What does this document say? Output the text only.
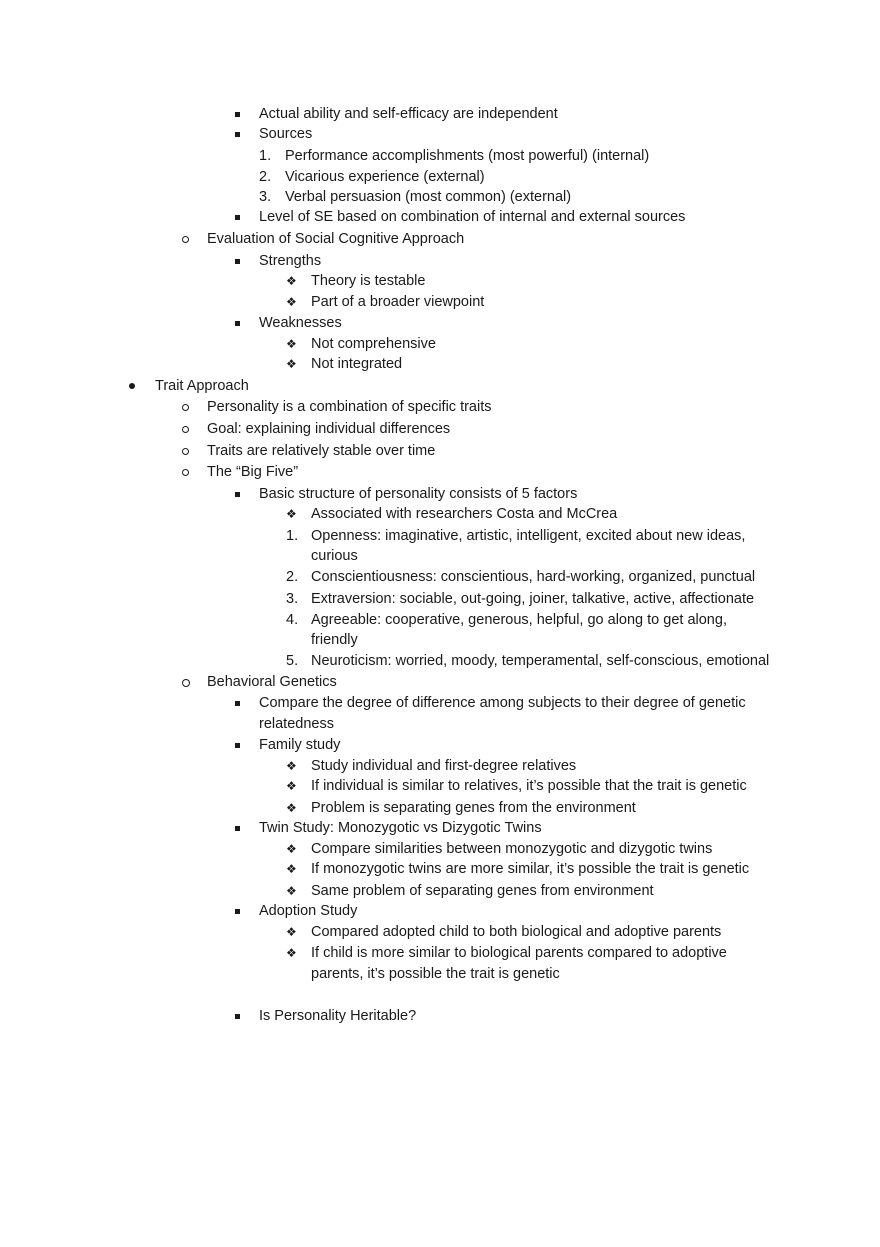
Actual ability and self-efficacy are independent
Sources
1. Performance accomplishments (most powerful) (internal)
2. Vicarious experience (external)
3. Verbal persuasion (most common) (external)
Level of SE based on combination of internal and external sources
Evaluation of Social Cognitive Approach
Strengths
❖ Theory is testable
❖ Part of a broader viewpoint
Weaknesses
❖ Not comprehensive
❖ Not integrated
Trait Approach
Personality is a combination of specific traits
Goal: explaining individual differences
Traits are relatively stable over time
The “Big Five”
Basic structure of personality consists of 5 factors
❖ Associated with researchers Costa and McCrea
1. Openness: imaginative, artistic, intelligent, excited about new ideas,
curious
2. Conscientiousness: conscientious, hard-working, organized, punctual
3. Extraversion: sociable, out-going, joiner, talkative, active, affectionate
4. Agreeable: cooperative, generous, helpful, go along to get along,
friendly
5. Neuroticism: worried, moody, temperamental, self-conscious, emotional
Behavioral Genetics
Compare the degree of difference among subjects to their degree of genetic
relatedness
Family study
❖ Study individual and first-degree relatives
❖ If individual is similar to relatives, it’s possible that the trait is genetic
❖ Problem is separating genes from the environment
Twin Study: Monozygotic vs Dizygotic Twins
❖ Compare similarities between monozygotic and dizygotic twins
❖ If monozygotic twins are more similar, it’s possible the trait is genetic
❖ Same problem of separating genes from environment
Adoption Study
❖ Compared adopted child to both biological and adoptive parents
❖ If child is more similar to biological parents compared to adoptive
parents, it’s possible the trait is genetic
Is Personality Heritable?
